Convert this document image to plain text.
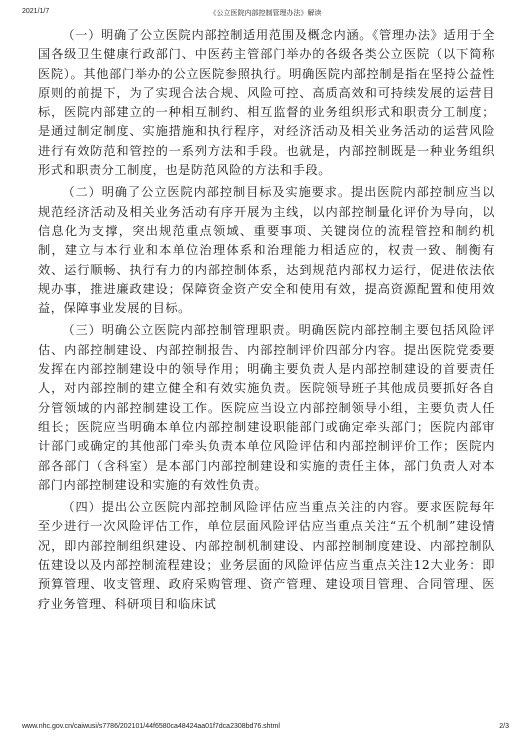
2021/1/7	《公立医院内部控制管理办法》解读

（一）明确了公立医院内部控制适用范围及概念内涵。《管理办法》适用于全国各级卫生健康行政部门、中医药主管部门举办的各级各类公立医院（以下简称医院）。其他部门举办的公立医院参照执行。明确医院内部控制是指在坚持公益性原则的前提下，为了实现合法合规、风险可控、高质高效和可持续发展的运营目标，医院内部建立的一种相互制约、相互监督的业务组织形式和职责分工制度；是通过制定制度、实施措施和执行程序，对经济活动及相关业务活动的运营风险进行有效防范和管控的一系列方法和手段。也就是，内部控制既是一种业务组织形式和职责分工制度，也是防范风险的方法和手段。

（二）明确了公立医院内部控制目标及实施要求。提出医院内部控制应当以规范经济活动及相关业务活动有序开展为主线，以内部控制量化评价为导向，以信息化为支撑，突出规范重点领域、重要事项、关键岗位的流程管控和制约机制，建立与本行业和本单位治理体系和治理能力相适应的，权责一致、制衡有效、运行顺畅、执行有力的内部控制体系，达到规范内部权力运行，促进依法依规办事，推进廉政建设；保障资金资产安全和使用有效，提高资源配置和使用效益，保障事业发展的目标。

（三）明确公立医院内部控制管理职责。明确医院内部控制主要包括风险评估、内部控制建设、内部控制报告、内部控制评价四部分内容。提出医院党委要发挥在内部控制建设中的领导作用；明确主要负责人是内部控制建设的首要责任人，对内部控制的建立健全和有效实施负责。医院领导班子其他成员要抓好各自分管领域的内部控制建设工作。医院应当设立内部控制领导小组，主要负责人任组长；医院应当明确本单位内部控制建设职能部门或确定牵头部门；医院内部审计部门或确定的其他部门牵头负责本单位风险评估和内部控制评价工作；医院内部各部门（含科室）是本部门内部控制建设和实施的责任主体，部门负责人对本部门内部控制建设和实施的有效性负责。

（四）提出公立医院内部控制风险评估应当重点关注的内容。要求医院每年至少进行一次风险评估工作，单位层面风险评估应当重点关注“五个机制”建设情况，即内部控制组织建设、内部控制机制建设、内部控制制度建设、内部控制队伍建设以及内部控制流程建设；业务层面的风险评估应当重点关注12大业务：即预算管理、收支管理、政府采购管理、资产管理、建设项目管理、合同管理、医疗业务管理、科研项目和临床试

www.nhc.gov.cn/caiwusi/s7786/202101/44f6580ca48424aa01f7dca2308bd76.shtml	2/3
